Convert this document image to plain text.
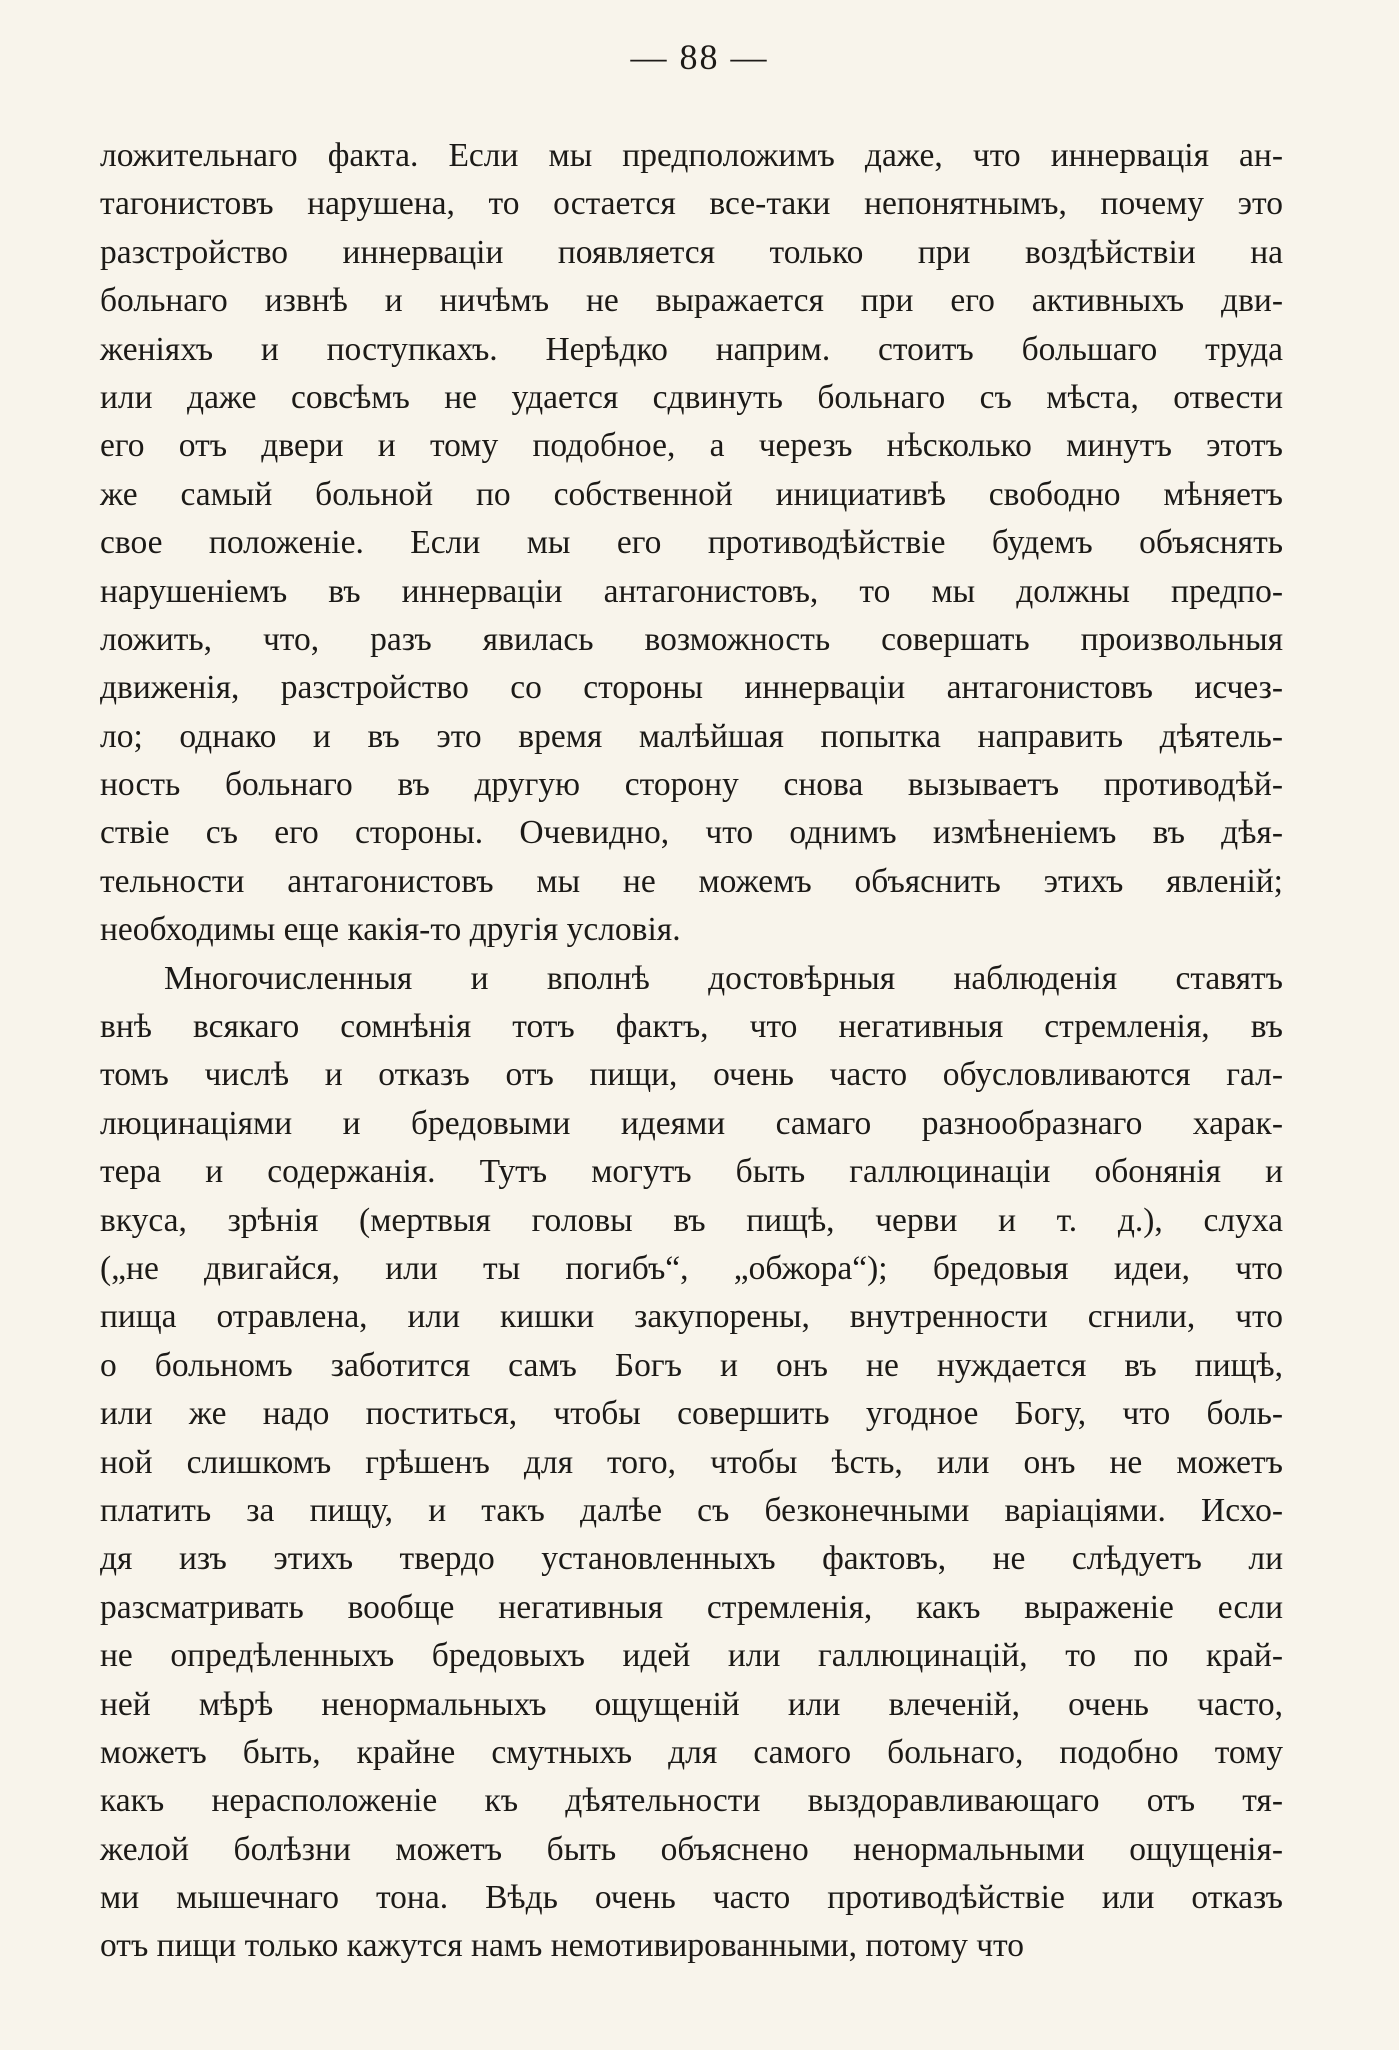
— 88 —
ложительнаго факта. Если мы предположимъ даже, что иннервація ан-
тагонистовъ нарушена, то остается все-таки непонятнымъ, почему это
разстройство иннерваціи появляется только при воздѣйствіи на
больнаго извнѣ и ничѣмъ не выражается при его активныхъ дви-
женіяхъ и поступкахъ. Нерѣдко наприм. стоитъ большаго труда
или даже совсѣмъ не удается сдвинуть больнаго съ мѣста, отвести
его отъ двери и тому подобное, а черезъ нѣсколько минутъ этотъ
же самый больной по собственной инициативѣ свободно мѣняетъ
свое положеніе. Если мы его противодѣйствіе будемъ объяснять
нарушеніемъ въ иннерваціи антагонистовъ, то мы должны предпо-
ложить, что, разъ явилась возможность совершать произвольныя
движенія, разстройство со стороны иннерваціи антагонистовъ исчез-
ло; однако и въ это время малѣйшая попытка направить дѣятель-
ность больнаго въ другую сторону снова вызываетъ противодѣй-
ствіе съ его стороны. Очевидно, что однимъ измѣненіемъ въ дѣя-
тельности антагонистовъ мы не можемъ объяснить этихъ явленій;
необходимы еще какія-то другія условія.
Многочисленныя и вполнѣ достовѣрныя наблюденія ставятъ
внѣ всякаго сомнѣнія тотъ фактъ, что негативныя стремленія, въ
томъ числѣ и отказъ отъ пищи, очень часто обусловливаются гал-
люцинаціями и бредовыми идеями самаго разнообразнаго харак-
тера и содержанія. Тутъ могутъ быть галлюцинаціи обонянія и
вкуса, зрѣнія (мертвыя головы въ пищѣ, черви и т. д.), слуха
(„не двигайся, или ты погибъ“, „обжора“); бредовыя идеи, что
пища отравлена, или кишки закупорены, внутренности сгнили, что
о больномъ заботится самъ Богъ и онъ не нуждается въ пищѣ,
или же надо поститься, чтобы совершить угодное Богу, что боль-
ной слишкомъ грѣшенъ для того, чтобы ѣсть, или онъ не можетъ
платить за пищу, и такъ далѣе съ безконечными варіаціями. Исхо-
дя изъ этихъ твердо установленныхъ фактовъ, не слѣдуетъ ли
разсматривать вообще негативныя стремленія, какъ выраженіе если
не опредѣленныхъ бредовыхъ идей или галлюцинацій, то по край-
ней мѣрѣ ненормальныхъ ощущеній или влеченій, очень часто,
можетъ быть, крайне смутныхъ для самого больнаго, подобно тому
какъ нерасположеніе къ дѣятельности выздоравливающаго отъ тя-
желой болѣзни можетъ быть объяснено ненормальными ощущенія-
ми мышечнаго тона. Вѣдь очень часто противодѣйствіе или отказъ
отъ пищи только кажутся намъ немотивированными, потому что
